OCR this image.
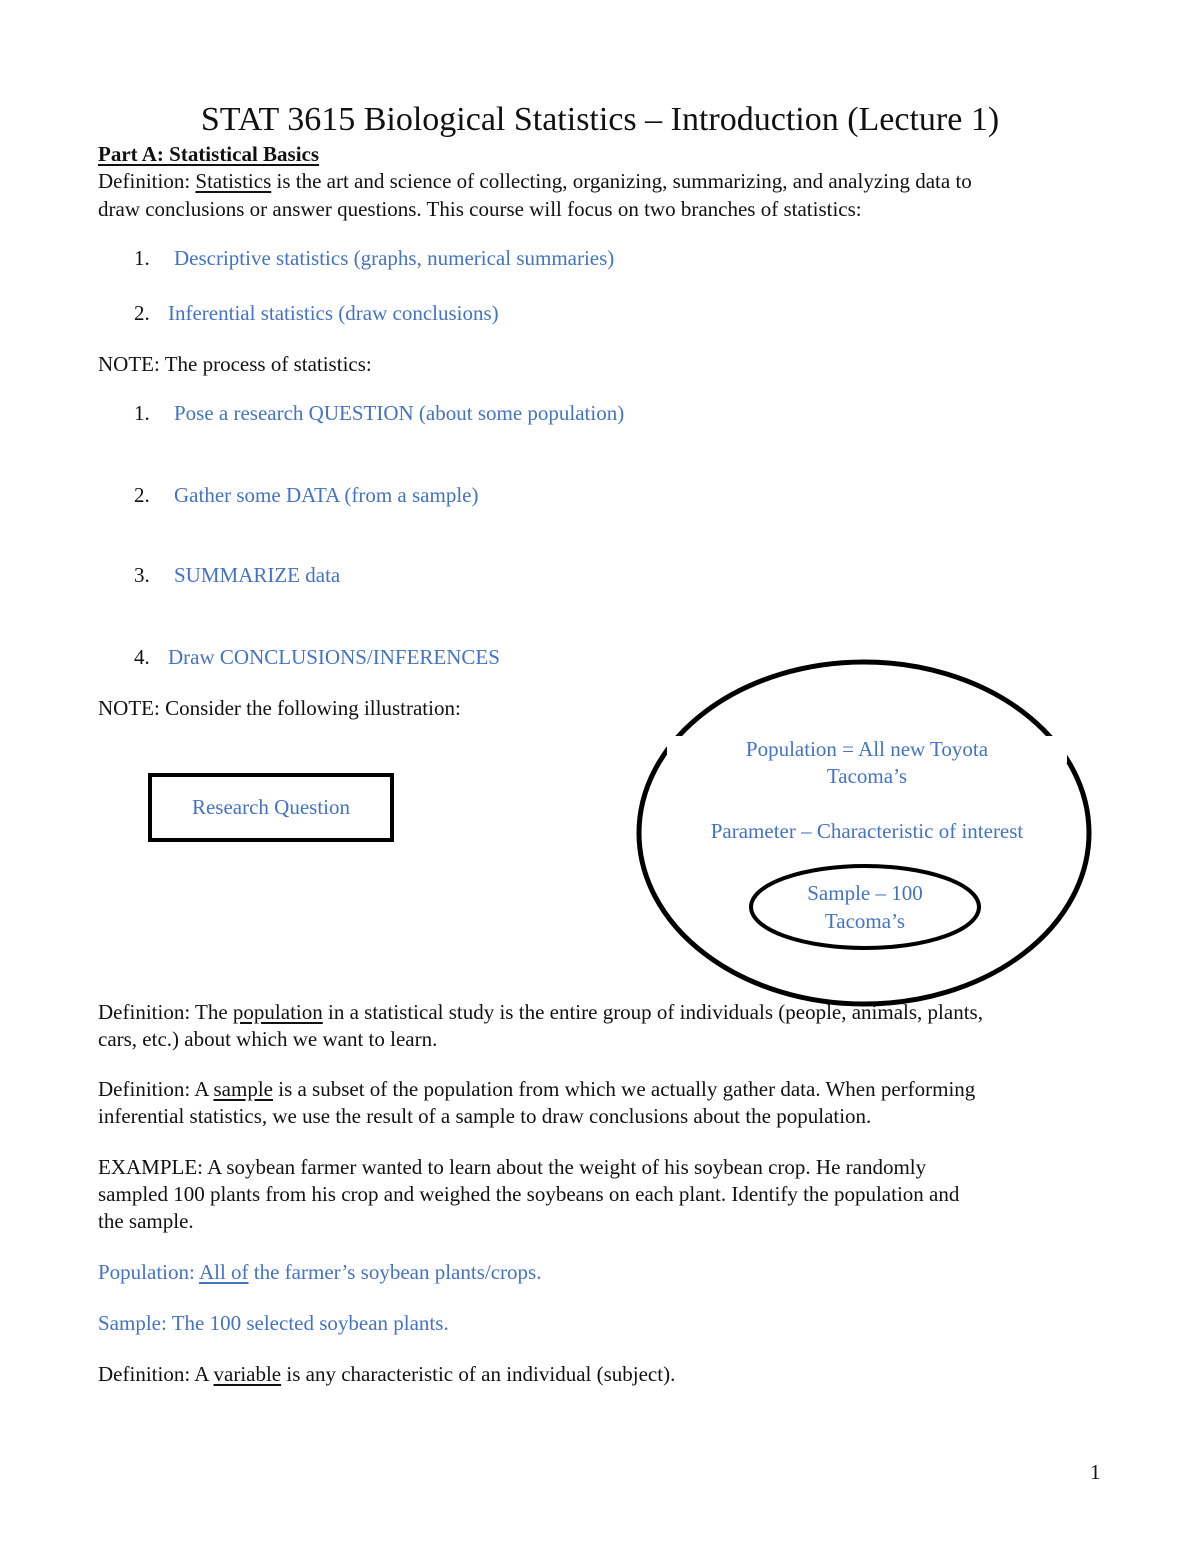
STAT 3615 Biological Statistics – Introduction (Lecture 1)
Part A: Statistical Basics
Definition: Statistics is the art and science of collecting, organizing, summarizing, and analyzing data to
draw conclusions or answer questions. This course will focus on two branches of statistics:
1. Descriptive statistics (graphs, numerical summaries)
2. Inferential statistics (draw conclusions)
NOTE: The process of statistics:
1. Pose a research QUESTION (about some population)
2. Gather some DATA (from a sample)
3. SUMMARIZE data
4. Draw CONCLUSIONS/INFERENCES
NOTE: Consider the following illustration:
Research Question
Population = All new Toyota
Tacoma’s
Parameter – Characteristic of interest
Sample – 100
Tacoma’s
Definition: The population in a statistical study is the entire group of individuals (people, animals, plants,
cars, etc.) about which we want to learn.
Definition: A sample is a subset of the population from which we actually gather data. When performing
inferential statistics, we use the result of a sample to draw conclusions about the population.
EXAMPLE: A soybean farmer wanted to learn about the weight of his soybean crop. He randomly
sampled 100 plants from his crop and weighed the soybeans on each plant. Identify the population and
the sample.
Population: All of the farmer’s soybean plants/crops.
Sample: The 100 selected soybean plants.
Definition: A variable is any characteristic of an individual (subject).
1
